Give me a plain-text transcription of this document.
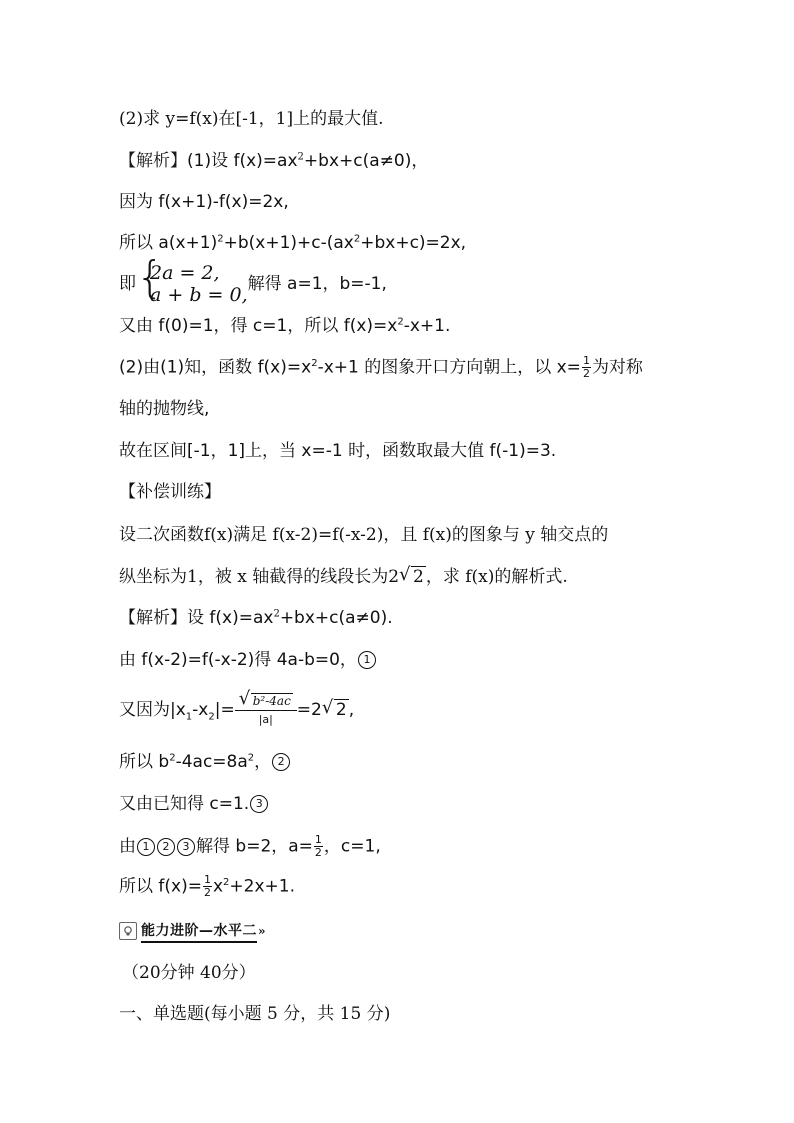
(2)求 y=f(x)在[-1，1]上的最大值.
【解析】(1)设 $f(x)=ax^2+bx+c(a\ne 0)$，
因为 f(x+1)-f(x)=2x,
所以 $a(x+1)^2+b(x+1)+c-(ax^2+bx+c)=2x$,
即 {
2a = 2,
a + b = 0, 解得 a=1，b=-1,
又由 f(0)=1，得 c=1，所以 $f(x)=x^2-x+1$.
(2)由(1)知，函数 $f(x)=x^2-x+1$ 的图象开口方向朝上，以 $x= \frac{1}{2}$ 为对称
轴的抛物线,
故在区间[-1，1]上，当 x=-1 时，函数取最大值 f(-1)=3.
【补偿训练】
设二次函数f(x)满足 f(x-2)=f(-x-2)，且 f(x)的图象与 y 轴交点的
纵坐标为1，被 x 轴截得的线段长为2√ 2 ，求 f(x)的解析式.
【解析】设 $f(x)=ax^2+bx+c(a\ne 0)$.
由 f(x-2)=f(-x-2)得 4a-b=0， 1
又因为$|x_1-x_2|=$
√ $\frac{\text{b²-4ac}}{|a|} =2√$ 2 ,
所以 $b^2-4ac=8a^2$， 2
又由已知得 c=1. 3
由 1 2 3 解得 b=2，$a= \frac{1}{2}$ ，c=1,
所以 $f(x)= \frac{1}{2} x^2+2x+1$.
能力进阶—水平二 »
（20分钟 40分）
一、单选题(每小题 5 分，共 15 分)
